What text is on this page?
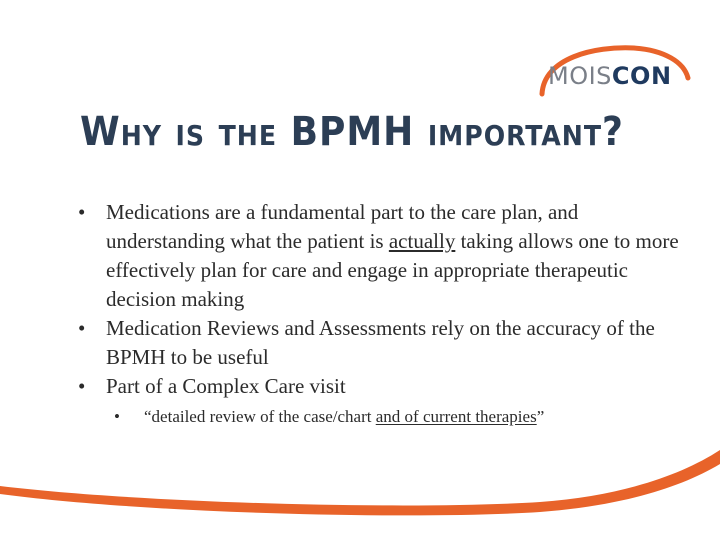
MOISCON
Why is the BPMH important?
• Medications are a fundamental part to the care plan, and understanding what the patient is actually taking allows one to more effectively plan for care and engage in appropriate therapeutic decision making
• Medication Reviews and Assessments rely on the accuracy of the BPMH to be useful
• Part of a Complex Care visit
• “detailed review of the case/chart and of current therapies”
